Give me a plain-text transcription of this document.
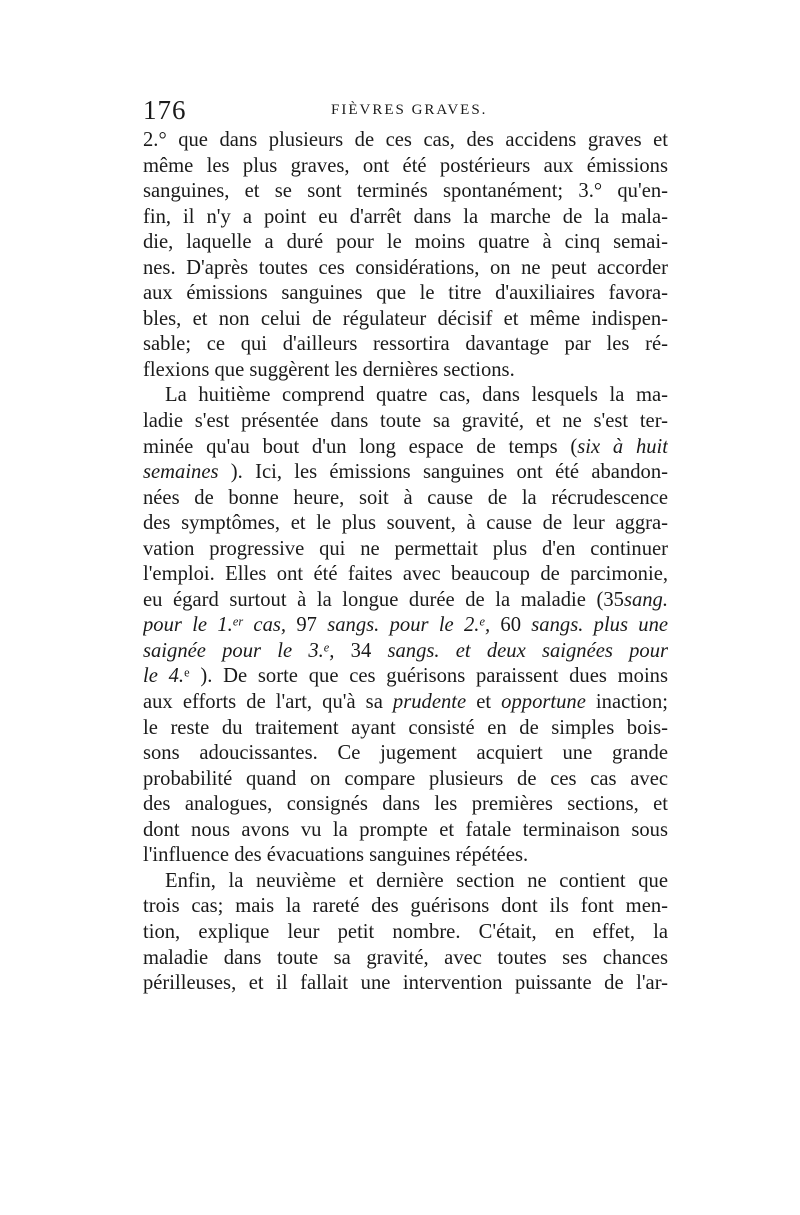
176	FIÈVRES GRAVES.
2.° que dans plusieurs de ces cas, des accidens graves et
même les plus graves, ont été postérieurs aux émissions
sanguines, et se sont terminés spontanément; 3.° qu'en-
fin, il n'y a point eu d'arrêt dans la marche de la mala-
die, laquelle a duré pour le moins quatre à cinq semai-
nes. D'après toutes ces considérations, on ne peut accorder
aux émissions sanguines que le titre d'auxiliaires favora-
bles, et non celui de régulateur décisif et même indispen-
sable; ce qui d'ailleurs ressortira davantage par les ré-
flexions que suggèrent les dernières sections.
La huitième comprend quatre cas, dans lesquels la ma-
ladie s'est présentée dans toute sa gravité, et ne s'est ter-
minée qu'au bout d'un long espace de temps (six à huit
semaines ). Ici, les émissions sanguines ont été abandon-
nées de bonne heure, soit à cause de la récrudescence
des symptômes, et le plus souvent, à cause de leur aggra-
vation progressive qui ne permettait plus d'en continuer
l'emploi. Elles ont été faites avec beaucoup de parcimonie,
eu égard surtout à la longue durée de la maladie (35sang.
pour le 1.$^{er}$ cas, 97 sangs. pour le 2.$^e$, 60 sangs. plus une
saignée pour le 3.$^e$, 34 sangs. et deux saignées pour
le 4.$^e$ ). De sorte que ces guérisons paraissent dues moins
aux efforts de l'art, qu'à sa prudente et opportune inaction;
le reste du traitement ayant consisté en de simples bois-
sons adoucissantes. Ce jugement acquiert une grande
probabilité quand on compare plusieurs de ces cas avec
des analogues, consignés dans les premières sections, et
dont nous avons vu la prompte et fatale terminaison sous
l'influence des évacuations sanguines répétées.
Enfin, la neuvième et dernière section ne contient que
trois cas; mais la rareté des guérisons dont ils font men-
tion, explique leur petit nombre. C'était, en effet, la
maladie dans toute sa gravité, avec toutes ses chances
périlleuses, et il fallait une intervention puissante de l'ar-
